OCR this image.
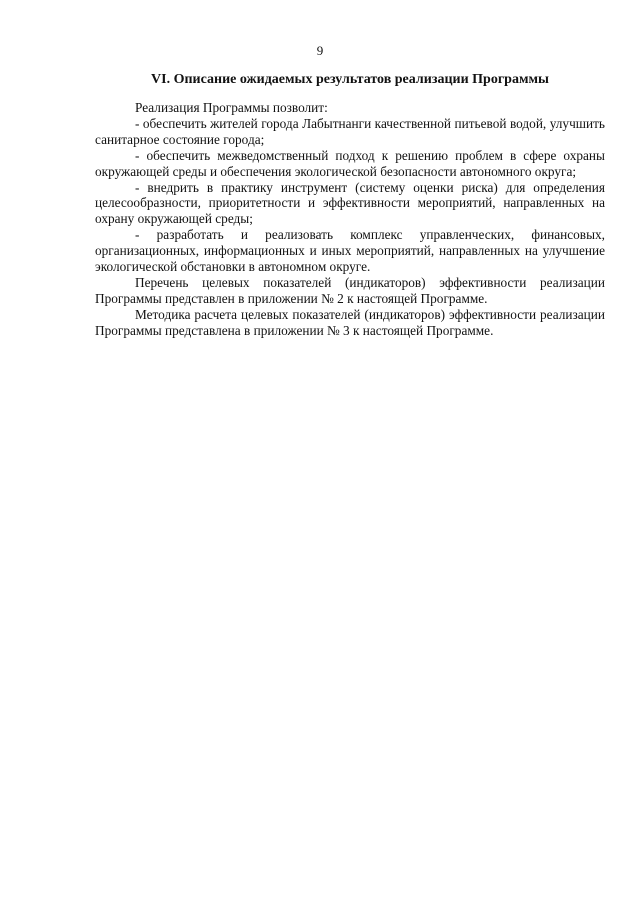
9
VI. Описание ожидаемых результатов реализации Программы

Реализация Программы позволит:

- обеспечить жителей города Лабытнанги качественной питьевой водой, улучшить санитарное состояние города;

- обеспечить межведомственный подход к решению проблем в сфере охраны окружающей среды и обеспечения экологической безопасности автономного округа;

- внедрить в практику инструмент (систему оценки риска) для определения целесообразности, приоритетности и эффективности мероприятий, направленных на охрану окружающей среды;

- разработать и реализовать комплекс управленческих, финансовых, организационных, информационных и иных мероприятий, направленных на улучшение экологической обстановки в автономном округе.

Перечень целевых показателей (индикаторов) эффективности реализации Программы представлен в приложении № 2 к настоящей Программе.

Методика расчета целевых показателей (индикаторов) эффективности реализации Программы представлена в приложении № 3 к настоящей Программе.
